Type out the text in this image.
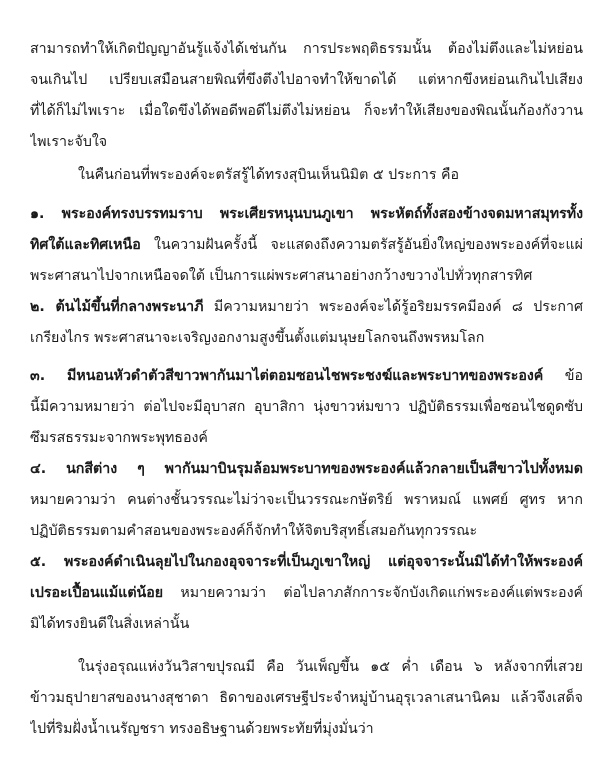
สามารถทำให้เกิดปัญญาอันรู้แจ้งได้เช่นกัน การประพฤติธรรมนั้น ต้องไม่ตึงและไม่หย่อน
จนเกินไป เปรียบเสมือนสายพิณที่ขึงตึงไปอาจทำให้ขาดได้ แต่หากขึงหย่อนเกินไปเสียง
ที่ได้ก็ไม่ไพเราะ เมื่อใดขึงได้พอดีพอดีไม่ตึงไม่หย่อน ก็จะทำให้เสียงของพิณนั้นก้องกังวาน
ไพเราะจับใจ
ในคืนก่อนที่พระองค์จะตรัสรู้ได้ทรงสุบินเห็นนิมิต ๕ ประการ คือ
๑. พระองค์ทรงบรรทมราบ พระเศียรหนุนบนภูเขา พระหัตถ์ทั้งสองข้างจดมหาสมุทรทั้ง
ทิศใต้และทิศเหนือ ในความฝันครั้งนี้ จะแสดงถึงความตรัสรู้อันยิ่งใหญ่ของพระองค์ที่จะแผ่
พระศาสนาไปจากเหนือจดใต้ เป็นการแผ่พระศาสนาอย่างกว้างขวางไปทั่วทุกสารทิศ
๒. ต้นไม้ขึ้นที่กลางพระนาภี มีความหมายว่า พระองค์จะได้รู้อริยมรรคมีองค์ ๘ ประกาศ
เกรียงไกร พระศาสนาจะเจริญงอกงามสูงขึ้นตั้งแต่มนุษยโลกจนถึงพรหมโลก
๓. มีหนอนหัวดำตัวสีขาวพากันมาไต่ตอมซอนไชพระชงฆ์และพระบาทของพระองค์ ข้อ
นี้มีความหมายว่า ต่อไปจะมีอุบาสก อุบาสิกา นุ่งขาวห่มขาว ปฏิบัติธรรมเพื่อซอนไชดูดซับ
ซึมรสธรรมะจากพระพุทธองค์
๔. นกสีต่าง ๆ พากันมาบินรุมล้อมพระบาทของพระองค์แล้วกลายเป็นสีขาวไปทั้งหมด
หมายความว่า คนต่างชั้นวรรณะไม่ว่าจะเป็นวรรณะกษัตริย์ พราหมณ์ แพศย์ ศูทร หาก
ปฏิบัติธรรมตามคำสอนของพระองค์ก็จักทำให้จิตบริสุทธิ์เสมอกันทุกวรรณะ
๕. พระองค์ดำเนินลุยไปในกองอุจจาระที่เป็นภูเขาใหญ่ แต่อุจจาระนั้นมิได้ทำให้พระองค์
เปรอะเปื้อนแม้แต่น้อย หมายความว่า ต่อไปลาภสักการะจักบังเกิดแก่พระองค์แต่พระองค์
มิได้ทรงยินดีในสิ่งเหล่านั้น
ในรุ่งอรุณแห่งวันวิสาขปุรณมี คือ วันเพ็ญขึ้น ๑๕ ค่ำ เดือน ๖ หลังจากที่เสวย
ข้าวมธุปายาสของนางสุชาดา ธิดาของเศรษฐีประจำหมู่บ้านอุรุเวลาเสนานิคม แล้วจึงเสด็จ
ไปที่ริมฝั่งน้ำเนรัญชรา ทรงอธิษฐานด้วยพระทัยที่มุ่งมั่นว่า
